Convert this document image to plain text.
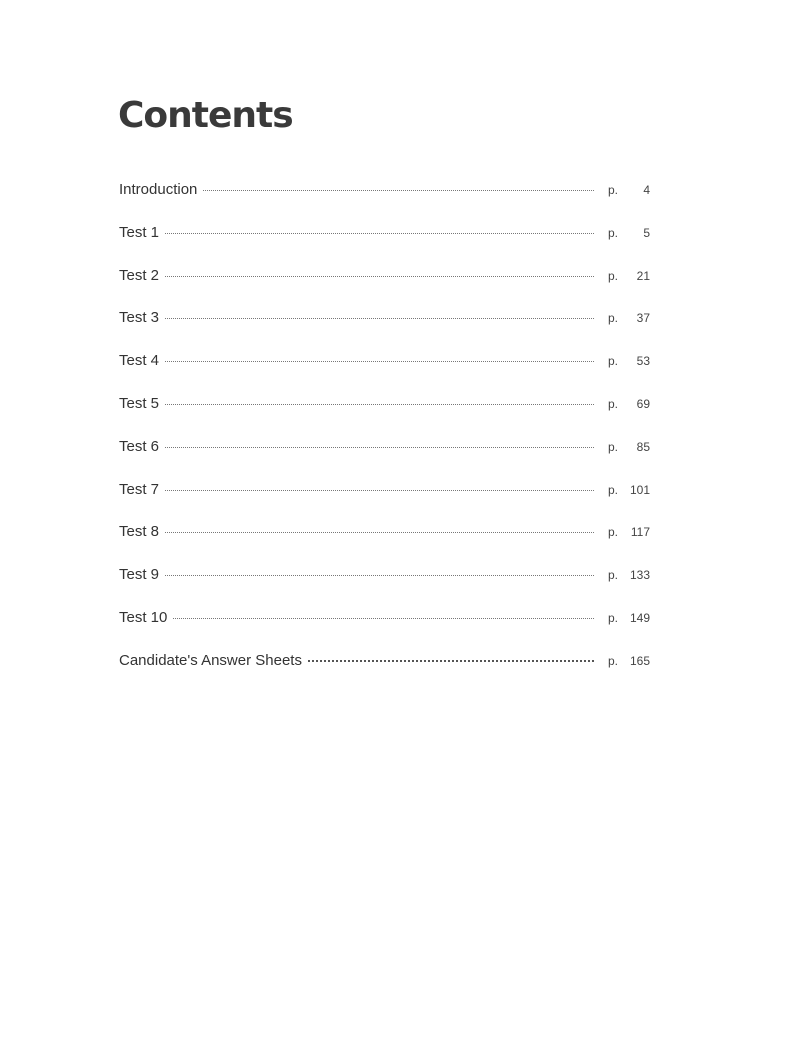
Contents
Introduction	p.	4
Test 1	p.	5
Test 2	p.	21
Test 3	p.	37
Test 4	p.	53
Test 5	p.	69
Test 6	p.	85
Test 7	p. 101
Test 8	p.	117
Test 9	p. 133
Test 10	p. 149
Candidate's Answer Sheets	p. 165
